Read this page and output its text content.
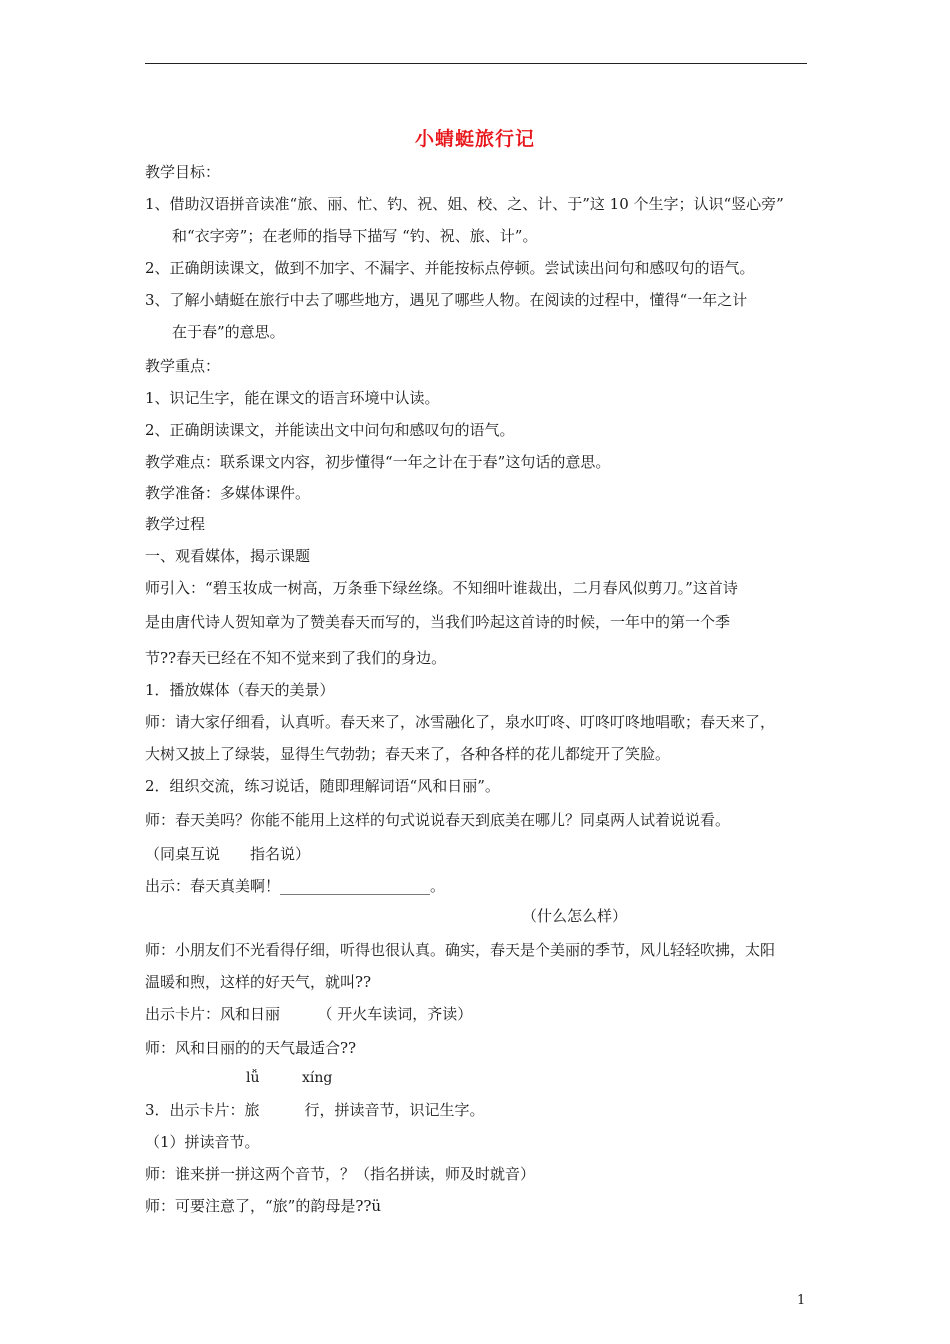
小蜻蜓旅行记
教学目标：
1、借助汉语拼音读准“旅、丽、忙、钓、祝、姐、校、之、计、于”这 10 个生字；认识“竖心旁”
和“衣字旁”；在老师的指导下描写 “钓、祝、旅、计”。
2、正确朗读课文，做到不加字、不漏字、并能按标点停顿。尝试读出问句和感叹句的语气。
3、了解小蜻蜓在旅行中去了哪些地方，遇见了哪些人物。在阅读的过程中，懂得“一年之计
在于春”的意思。
教学重点：
1、识记生字，能在课文的语言环境中认读。
2、正确朗读课文，并能读出文中问句和感叹句的语气。
教学难点：联系课文内容，初步懂得“一年之计在于春”这句话的意思。
教学准备：多媒体课件。
教学过程
一、观看媒体，揭示课题
师引入：“碧玉妆成一树高，万条垂下绿丝绦。不知细叶谁裁出，二月春风似剪刀。”这首诗
是由唐代诗人贺知章为了赞美春天而写的，当我们吟起这首诗的时候，一年中的第一个季
节??春天已经在不知不觉来到了我们的身边。
1．播放媒体（春天的美景）
师：请大家仔细看，认真听。春天来了，冰雪融化了，泉水叮咚、叮咚叮咚地唱歌；春天来了，
大树又披上了绿装，显得生气勃勃；春天来了，各种各样的花儿都绽开了笑脸。
2．组织交流，练习说话，随即理解词语“风和日丽”。
师：春天美吗？你能不能用上这样的句式说说春天到底美在哪儿？同桌两人试着说说看。
（同桌互说　　指名说）
出示：春天真美啊！____________________。
（什么怎么样）
师：小朋友们不光看得仔细，听得也很认真。确实，春天是个美丽的季节，风儿轻轻吹拂，太阳
温暖和煦，这样的好天气，就叫??
出示卡片：风和日丽　　　（ 开火车读词，齐读）
师：风和日丽的的天气最适合??
lǚ	xíng
3．出示卡片：旅　　　行，拼读音节，识记生字。
（1）拼读音节。
师：谁来拼一拼这两个音节，？（指名拼读，师及时就音）
师：可要注意了，“旅”的韵母是??ü
1
